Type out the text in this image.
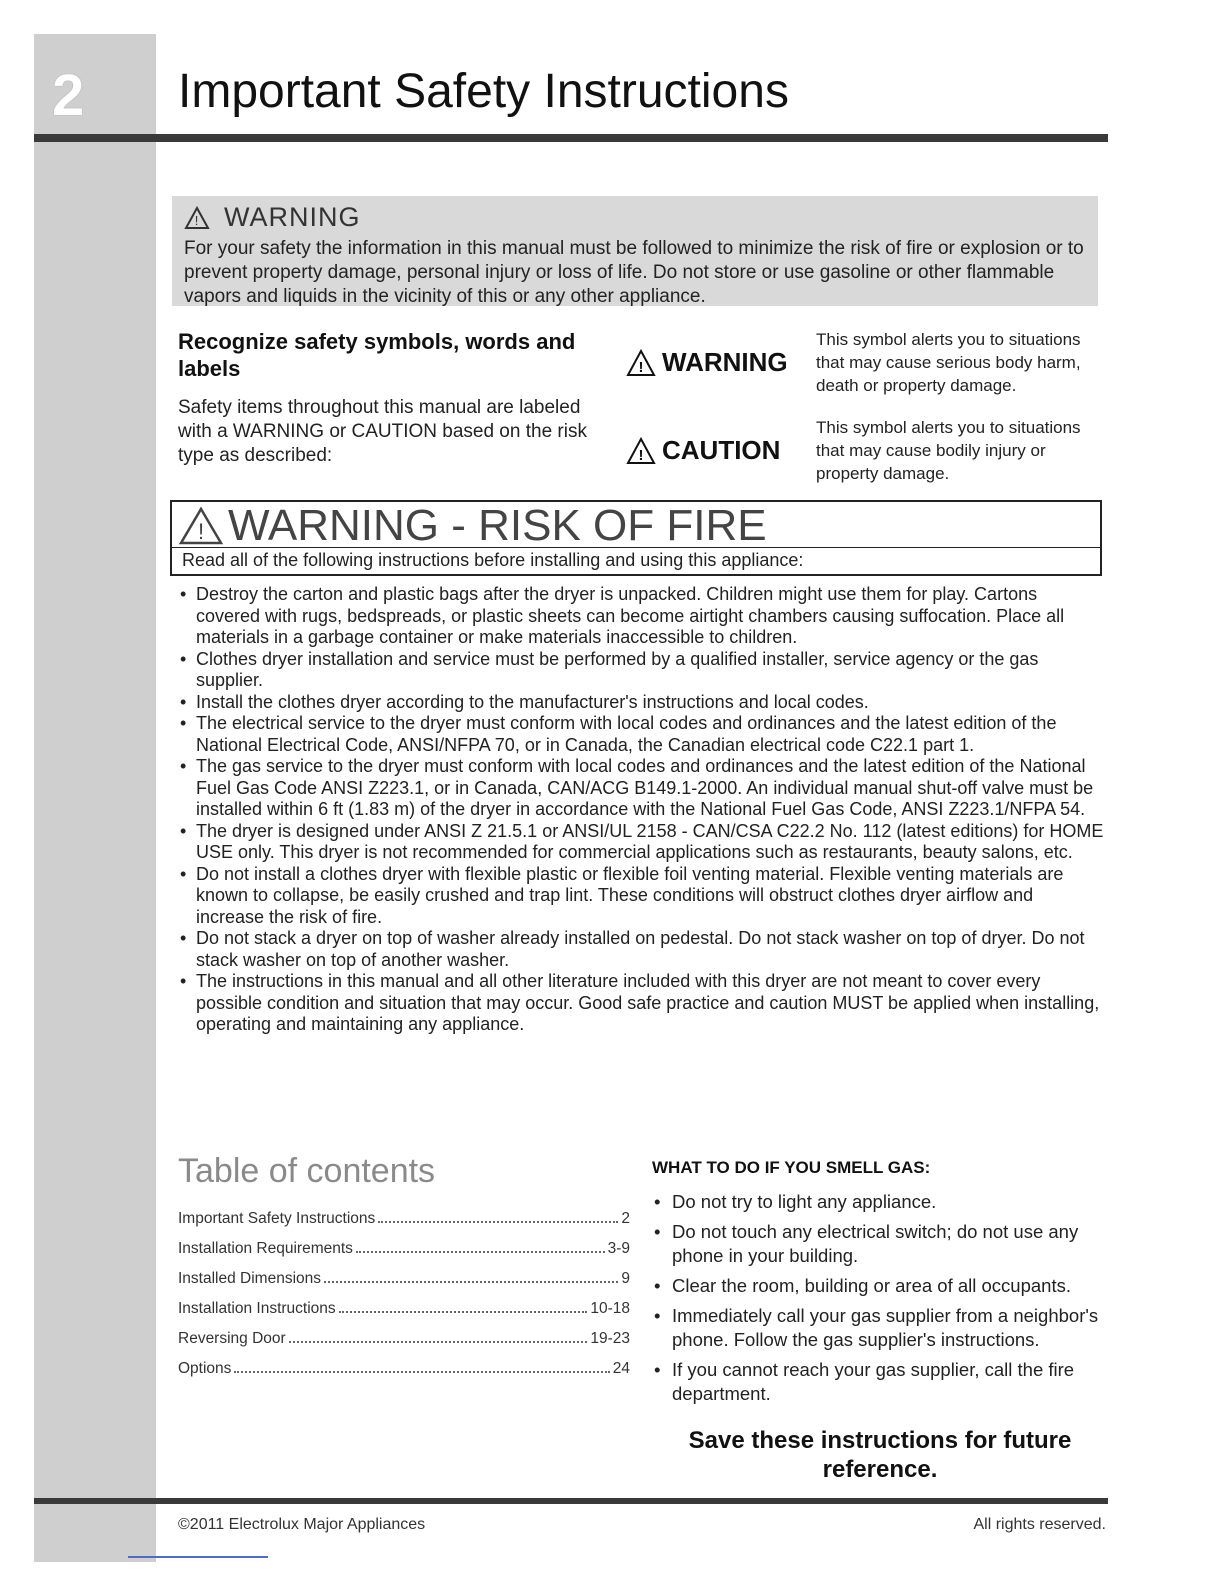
2 Important Safety Instructions
! WARNING
For your safety the information in this manual must be followed to minimize the risk of fire or explosion or to prevent property damage, personal injury or loss of life. Do not store or use gasoline or other flammable vapors and liquids in the vicinity of this or any other appliance.
Recognize safety symbols, words and labels
Safety items throughout this manual are labeled with a WARNING or CAUTION based on the risk type as described:
! WARNING
This symbol alerts you to situations that may cause serious body harm, death or property damage.
! CAUTION
This symbol alerts you to situations that may cause bodily injury or property damage.
! WARNING - RISK OF FIRE
Read all of the following instructions before installing and using this appliance:
• Destroy the carton and plastic bags after the dryer is unpacked. Children might use them for play. Cartons covered with rugs, bedspreads, or plastic sheets can become airtight chambers causing suffocation. Place all materials in a garbage container or make materials inaccessible to children.
• Clothes dryer installation and service must be performed by a qualified installer, service agency or the gas supplier.
• Install the clothes dryer according to the manufacturer's instructions and local codes.
• The electrical service to the dryer must conform with local codes and ordinances and the latest edition of the National Electrical Code, ANSI/NFPA 70, or in Canada, the Canadian electrical code C22.1 part 1.
• The gas service to the dryer must conform with local codes and ordinances and the latest edition of the National Fuel Gas Code ANSI Z223.1, or in Canada, CAN/ACG B149.1-2000. An individual manual shut-off valve must be installed within 6 ft (1.83 m) of the dryer in accordance with the National Fuel Gas Code, ANSI Z223.1/NFPA 54.
• The dryer is designed under ANSI Z 21.5.1 or ANSI/UL 2158 - CAN/CSA C22.2 No. 112 (latest editions) for HOME USE only. This dryer is not recommended for commercial applications such as restaurants, beauty salons, etc.
• Do not install a clothes dryer with flexible plastic or flexible foil venting material. Flexible venting materials are known to collapse, be easily crushed and trap lint. These conditions will obstruct clothes dryer airflow and increase the risk of fire.
• Do not stack a dryer on top of washer already installed on pedestal. Do not stack washer on top of dryer. Do not stack washer on top of another washer.
• The instructions in this manual and all other literature included with this dryer are not meant to cover every possible condition and situation that may occur. Good safe practice and caution MUST be applied when installing, operating and maintaining any appliance.
Table of contents
Important Safety Instructions	2
Installation Requirements	3-9
Installed Dimensions	9
Installation Instructions	10-18
Reversing Door	19-23
Options	24
WHAT TO DO IF YOU SMELL GAS:
• Do not try to light any appliance.
• Do not touch any electrical switch; do not use any phone in your building.
• Clear the room, building or area of all occupants.
• Immediately call your gas supplier from a neighbor's phone. Follow the gas supplier's instructions.
• If you cannot reach your gas supplier, call the fire department.
Save these instructions for future reference.
©2011 Electrolux Major Appliances	All rights reserved.
